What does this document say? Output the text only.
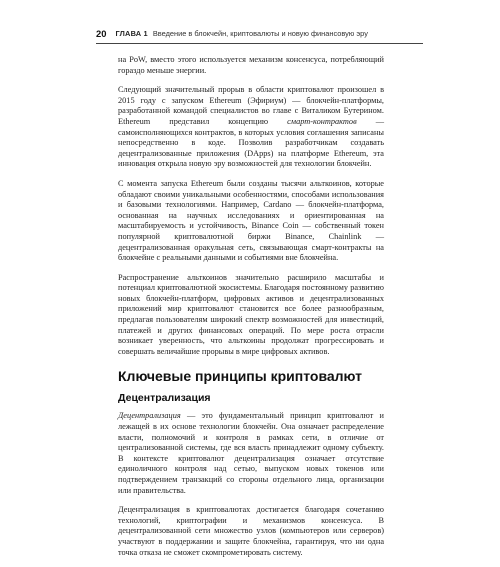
20 ГЛАВА 1 Введение в блокчейн, криптовалюты и новую финансовую эру

на PoW, вместо этого используется механизм консенсуса, потребляющий гораздо меньше энергии.

Следующий значительный прорыв в области криптовалют произошел в 2015 году с запуском Ethereum (Эфириум) — блокчейн-платформы, разработанной командой специалистов во главе с Виталиком Бутерином. Ethereum представил концепцию смарт-контрактов — самоисполняющихся контрактов, в которых условия соглашения записаны непосредственно в коде. Позволив разработчикам создавать децентрализованные приложения (DApps) на платформе Ethereum, эта инновация открыла новую эру возможностей для технологии блокчейн.

С момента запуска Ethereum были созданы тысячи альткоинов, которые обладают своими уникальными особенностями, способами использования и базовыми технологиями. Например, Cardano — блокчейн-платформа, основанная на научных исследованиях и ориентированная на масштабируемость и устойчивость, Binance Coin — собственный токен популярной криптовалютной биржи Binance, Chainlink — децентрализованная оракульная сеть, связывающая смарт-контракты на блокчейне с реальными данными и событиями вне блокчейна.

Распространение альткоинов значительно расширило масштабы и потенциал криптовалютной экосистемы. Благодаря постоянному развитию новых блокчейн-платформ, цифровых активов и децентрализованных приложений мир криптовалют становится все более разнообразным, предлагая пользователям широкий спектр возможностей для инвестиций, платежей и других финансовых операций. По мере роста отрасли возникает уверенность, что альткоины продолжат прогрессировать и совершать величайшие прорывы в мире цифровых активов.

Ключевые принципы криптовалют
Децентрализация

Децентрализация — это фундаментальный принцип криптовалют и лежащей в их основе технологии блокчейн. Она означает распределение власти, полномочий и контроля в рамках сети, в отличие от централизованной системы, где вся власть принадлежит одному субъекту. В контексте криптовалют децентрализация означает отсутствие единоличного контроля над сетью, выпуском новых токенов или подтверждением транзакций со стороны отдельного лица, организации или правительства.

Децентрализация в криптовалютах достигается благодаря сочетанию технологий, криптографии и механизмов консенсуса. В децентрализованной сети множество узлов (компьютеров или серверов) участвуют в поддержании и защите блокчейна, гарантируя, что ни одна точка отказа не сможет скомпрометировать систему.
